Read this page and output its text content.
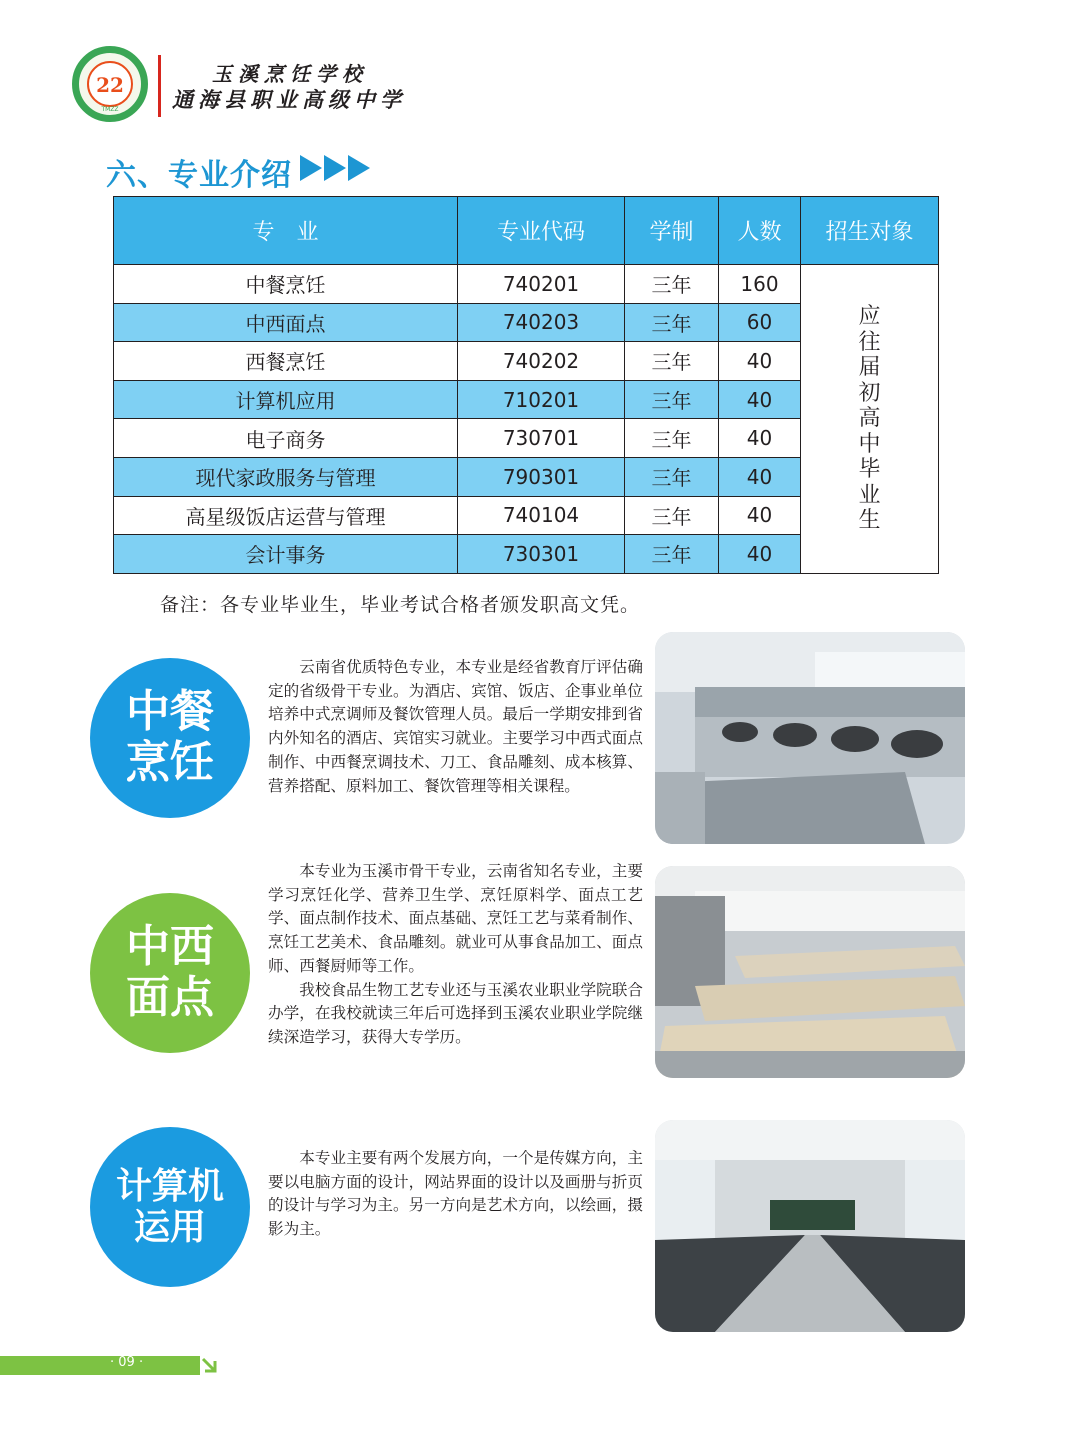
22
TMZZ
玉溪烹饪学校
通海县职业高级中学
六、专业介绍
专　业	专业代码	学制	人数	招生对象
中餐烹饪	740201	三年	160	应往届初高中毕业生
中西面点	740203	三年	60	
西餐烹饪	740202	三年	40	
计算机应用	710201	三年	40	
电子商务	730701	三年	40	
现代家政服务与管理	790301	三年	40	
高星级饭店运营与管理	740104	三年	40	
会计事务	730301	三年	40	
备注：各专业毕业生，毕业考试合格者颁发职高文凭。
中餐
烹饪

云南省优质特色专业，本专业是经省教育厅评估确定的省级骨干专业。为酒店、宾馆、饭店、企事业单位培养中式烹调师及餐饮管理人员。最后一学期安排到省内外知名的酒店、宾馆实习就业。主要学习中西式面点制作、中西餐烹调技术、刀工、食品雕刻、成本核算、营养搭配、原料加工、餐饮管理等相关课程。

中西
面点

本专业为玉溪市骨干专业，云南省知名专业，主要学习烹饪化学、营养卫生学、烹饪原料学、面点工艺学、面点制作技术、面点基础、烹饪工艺与菜肴制作、烹饪工艺美术、食品雕刻。就业可从事食品加工、面点师、西餐厨师等工作。

我校食品生物工艺专业还与玉溪农业职业学院联合办学，在我校就读三年后可选择到玉溪农业职业学院继续深造学习，获得大专学历。

计算机
运用

本专业主要有两个发展方向，一个是传媒方向，主要以电脑方面的设计，网站界面的设计以及画册与折页的设计与学习为主。另一方向是艺术方向，以绘画，摄影为主。

· 09 ·
